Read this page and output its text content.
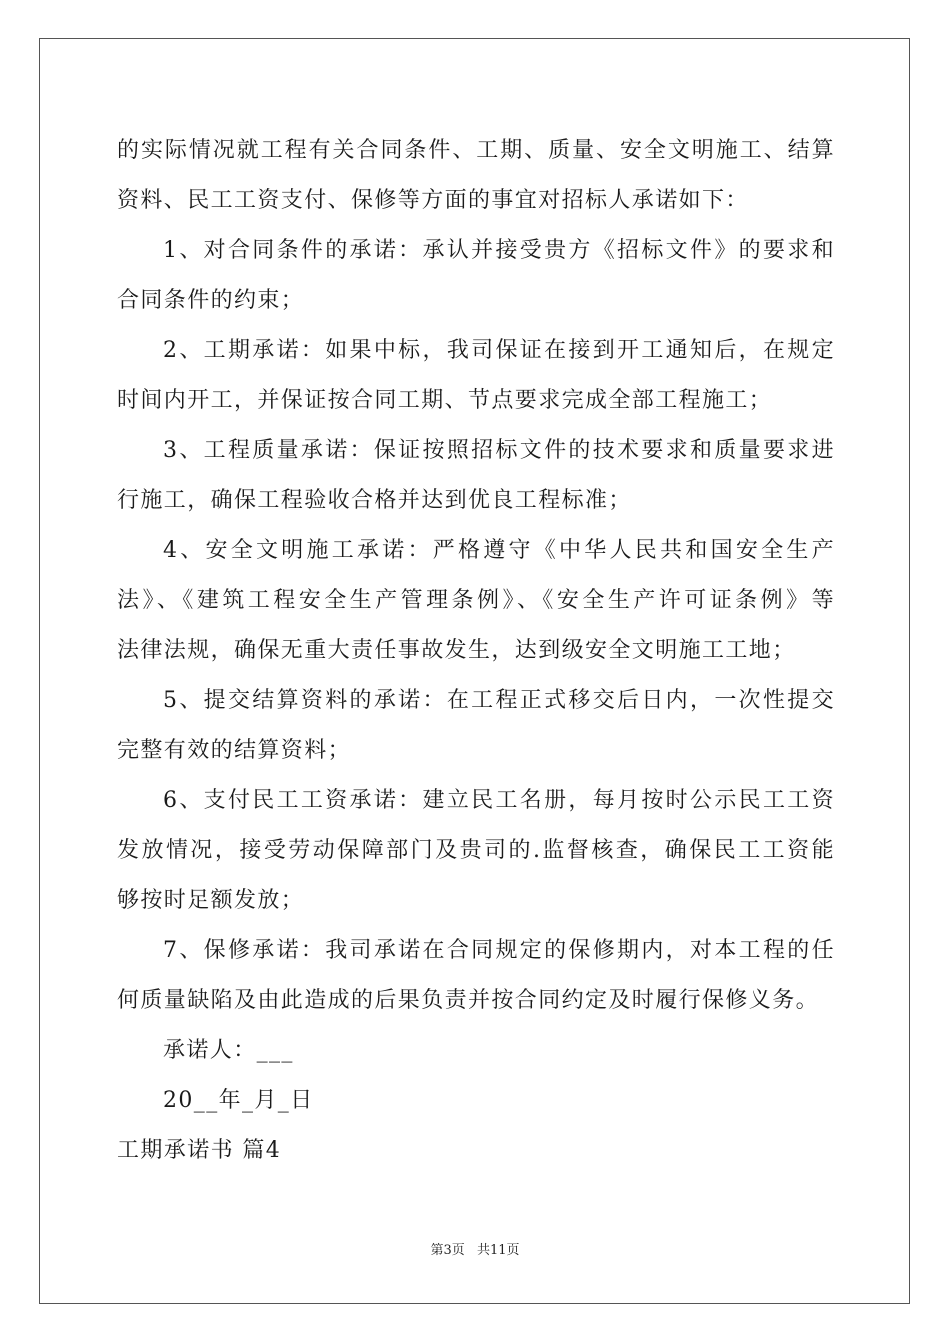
的实际情况就工程有关合同条件、工期、质量、安全文明施工、结算
资料、民工工资支付、保修等方面的事宜对招标人承诺如下：
1、对合同条件的承诺：承认并接受贵方《招标文件》的要求和
合同条件的约束；
2、工期承诺：如果中标，我司保证在接到开工通知后，在规定
时间内开工，并保证按合同工期、节点要求完成全部工程施工；
3、工程质量承诺：保证按照招标文件的技术要求和质量要求进
行施工，确保工程验收合格并达到优良工程标准；
4、安全文明施工承诺：严格遵守《中华人民共和国安全生产
法》、《建筑工程安全生产管理条例》、《安全生产许可证条例》等
法律法规，确保无重大责任事故发生，达到级安全文明施工工地；
5、提交结算资料的承诺：在工程正式移交后日内，一次性提交
完整有效的结算资料；
6、支付民工工资承诺：建立民工名册，每月按时公示民工工资
发放情况，接受劳动保障部门及贵司的.监督核查，确保民工工资能
够按时足额发放；
7、保修承诺：我司承诺在合同规定的保修期内，对本工程的任
何质量缺陷及由此造成的后果负责并按合同约定及时履行保修义务。
承诺人：___
20__年_月_日
工期承诺书 篇4
第3页 共11页
